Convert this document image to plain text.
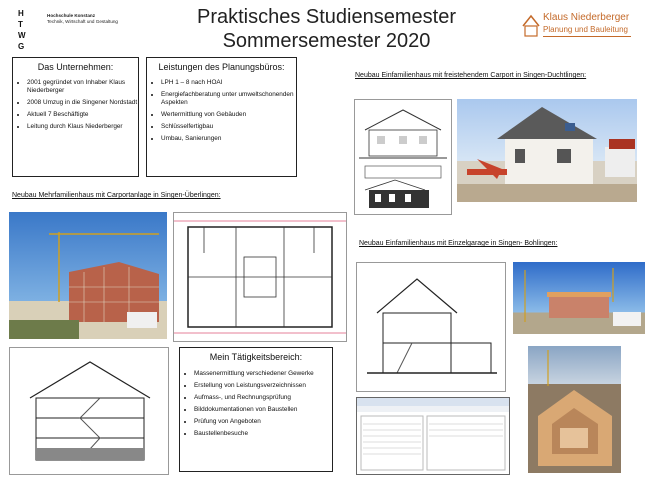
H T W G
Hochschule Konstanz
Technik, Wirtschaft und Gestaltung	Praktisches Studiensemester
Sommersemester 2020
Klaus Niederberger
Planung und Bauleitung
Das Unternehmen:
• 2001 gegründet von Inhaber Klaus Niederberger
• 2008 Umzug in die Singener Nordstadt
• Aktuell 7 Beschäftigte
• Leitung durch Klaus Niederberger
Leistungen des Planungsbüros:
• LPH 1 – 8 nach HOAI
• Energiefachberatung unter umweltschonenden Aspekten
• Wertermittlung von Gebäuden
• Schlüsselfertigbau
• Umbau, Sanierungen
Neubau Einfamilienhaus mit freistehendem Carport in Singen-Duchtlingen:
Neubau Mehrfamilienhaus mit Carportanlage in Singen-Überlingen:
Neubau Einfamilienhaus mit Einzelgarage in Singen- Bohlingen:
Mein Tätigkeitsbereich:
• Massenermittlung verschiedener Gewerke
• Erstellung von Leistungsverzeichnissen
• Aufmass-, und Rechnungsprüfung
• Bilddokumentationen von Baustellen
• Prüfung von Angeboten
• Baustellenbesuche
